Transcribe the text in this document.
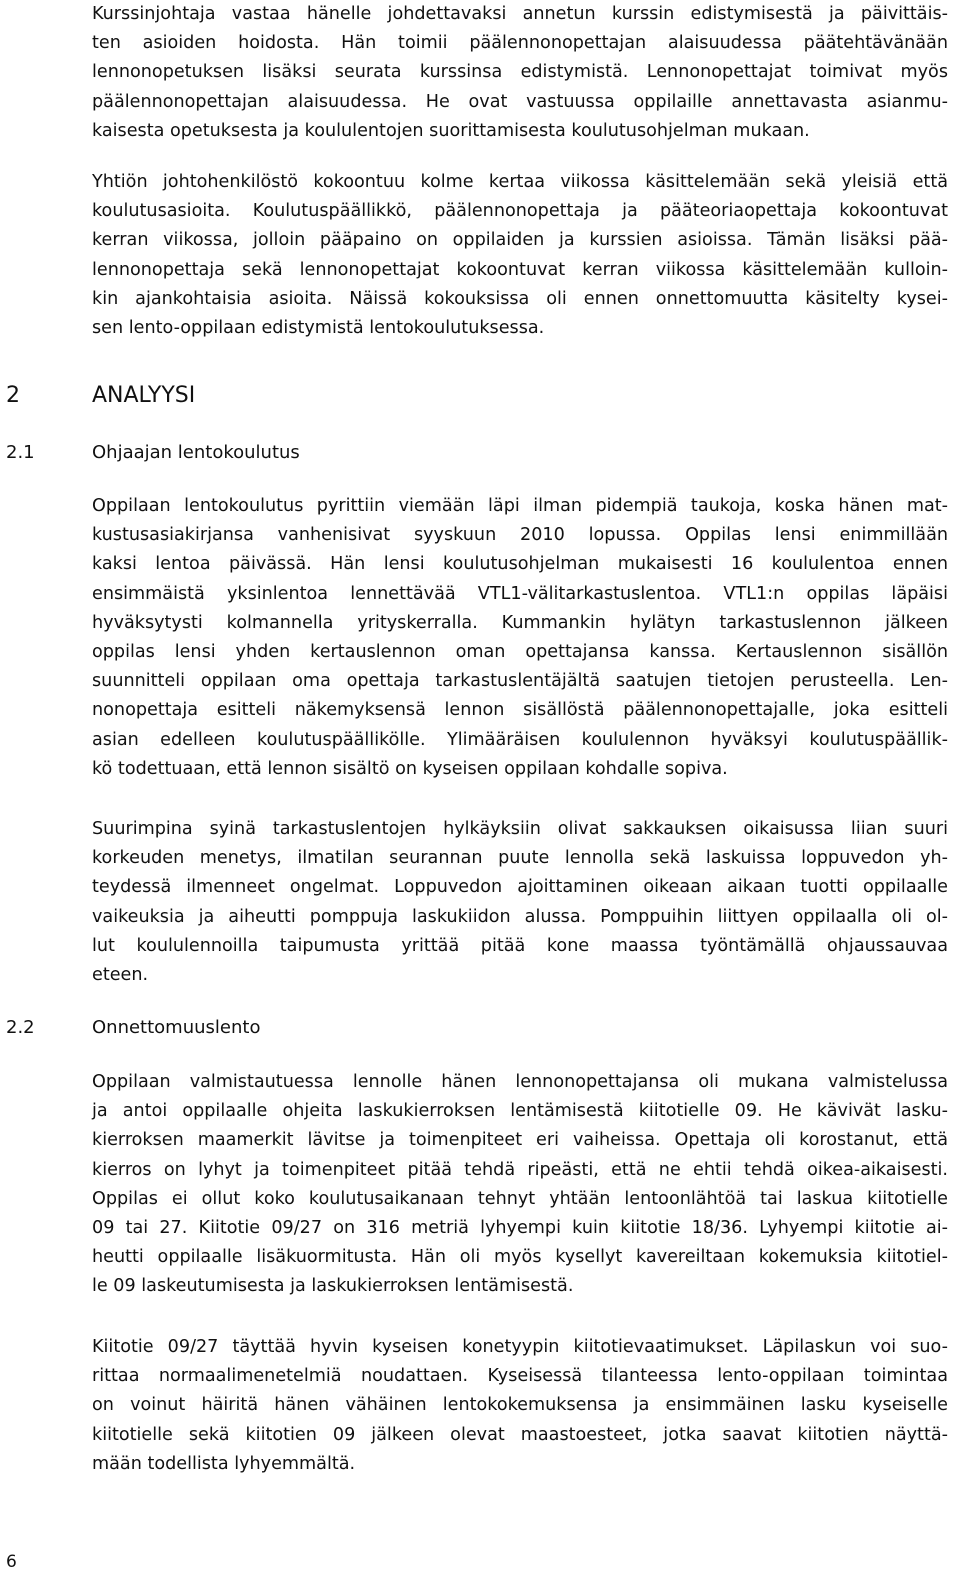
Kurssinjohtaja vastaa hänelle johdettavaksi annetun kurssin edistymisestä ja päivittäis-
ten asioiden hoidosta. Hän toimii päälennonopettajan alaisuudessa päätehtävänään
lennonopetuksen lisäksi seurata kurssinsa edistymistä. Lennonopettajat toimivat myös
päälennonopettajan alaisuudessa. He ovat vastuussa oppilaille annettavasta asianmu-
kaisesta opetuksesta ja koululentojen suorittamisesta koulutusohjelman mukaan.
Yhtiön johtohenkilöstö kokoontuu kolme kertaa viikossa käsittelemään sekä yleisiä että
koulutusasioita. Koulutuspäällikkö, päälennonopettaja ja pääteoriaopettaja kokoontuvat
kerran viikossa, jolloin pääpaino on oppilaiden ja kurssien asioissa. Tämän lisäksi pää-
lennonopettaja sekä lennonopettajat kokoontuvat kerran viikossa käsittelemään kulloin-
kin ajankohtaisia asioita. Näissä kokouksissa oli ennen onnettomuutta käsitelty kysei-
sen lento-oppilaan edistymistä lentokoulutuksessa.
2	ANALYYSI
2.1	Ohjaajan lentokoulutus
Oppilaan lentokoulutus pyrittiin viemään läpi ilman pidempiä taukoja, koska hänen mat-
kustusasiakirjansa vanhenisivat syyskuun 2010 lopussa. Oppilas lensi enimmillään
kaksi lentoa päivässä. Hän lensi koulutusohjelman mukaisesti 16 koululentoa ennen
ensimmäistä yksinlentoa lennettävää VTL1-välitarkastuslentoa. VTL1:n oppilas läpäisi
hyväksytysti kolmannella yrityskerralla. Kummankin hylätyn tarkastuslennon jälkeen
oppilas lensi yhden kertauslennon oman opettajansa kanssa. Kertauslennon sisällön
suunnitteli oppilaan oma opettaja tarkastuslentäjältä saatujen tietojen perusteella. Len-
nonopettaja esitteli näkemyksensä lennon sisällöstä päälennonopettajalle, joka esitteli
asian edelleen koulutuspäällikölle. Ylimääräisen koululennon hyväksyi koulutuspäällik-
kö todettuaan, että lennon sisältö on kyseisen oppilaan kohdalle sopiva.
Suurimpina syinä tarkastuslentojen hylkäyksiin olivat sakkauksen oikaisussa liian suuri
korkeuden menetys, ilmatilan seurannan puute lennolla sekä laskuissa loppuvedon yh-
teydessä ilmenneet ongelmat. Loppuvedon ajoittaminen oikeaan aikaan tuotti oppilaalle
vaikeuksia ja aiheutti pomppuja laskukiidon alussa. Pomppuihin liittyen oppilaalla oli ol-
lut koululennoilla taipumusta yrittää pitää kone maassa työntämällä ohjaussauvaa
eteen.
2.2	Onnettomuuslento
Oppilaan valmistautuessa lennolle hänen lennonopettajansa oli mukana valmistelussa
ja antoi oppilaalle ohjeita laskukierroksen lentämisestä kiitotielle 09. He kävivät lasku-
kierroksen maamerkit lävitse ja toimenpiteet eri vaiheissa. Opettaja oli korostanut, että
kierros on lyhyt ja toimenpiteet pitää tehdä ripeästi, että ne ehtii tehdä oikea-aikaisesti.
Oppilas ei ollut koko koulutusaikanaan tehnyt yhtään lentoonlähtöä tai laskua kiitotielle
09 tai 27. Kiitotie 09/27 on 316 metriä lyhyempi kuin kiitotie 18/36. Lyhyempi kiitotie ai-
heutti oppilaalle lisäkuormitusta. Hän oli myös kysellyt kavereiltaan kokemuksia kiitotiel-
le 09 laskeutumisesta ja laskukierroksen lentämisestä.
Kiitotie 09/27 täyttää hyvin kyseisen konetyypin kiitotievaatimukset. Läpilaskun voi suo-
rittaa normaalimenetelmiä noudattaen. Kyseisessä tilanteessa lento-oppilaan toimintaa
on voinut häiritä hänen vähäinen lentokokemuksensa ja ensimmäinen lasku kyseiselle
kiitotielle sekä kiitotien 09 jälkeen olevat maastoesteet, jotka saavat kiitotien näyttä-
mään todellista lyhyemmältä.
6
